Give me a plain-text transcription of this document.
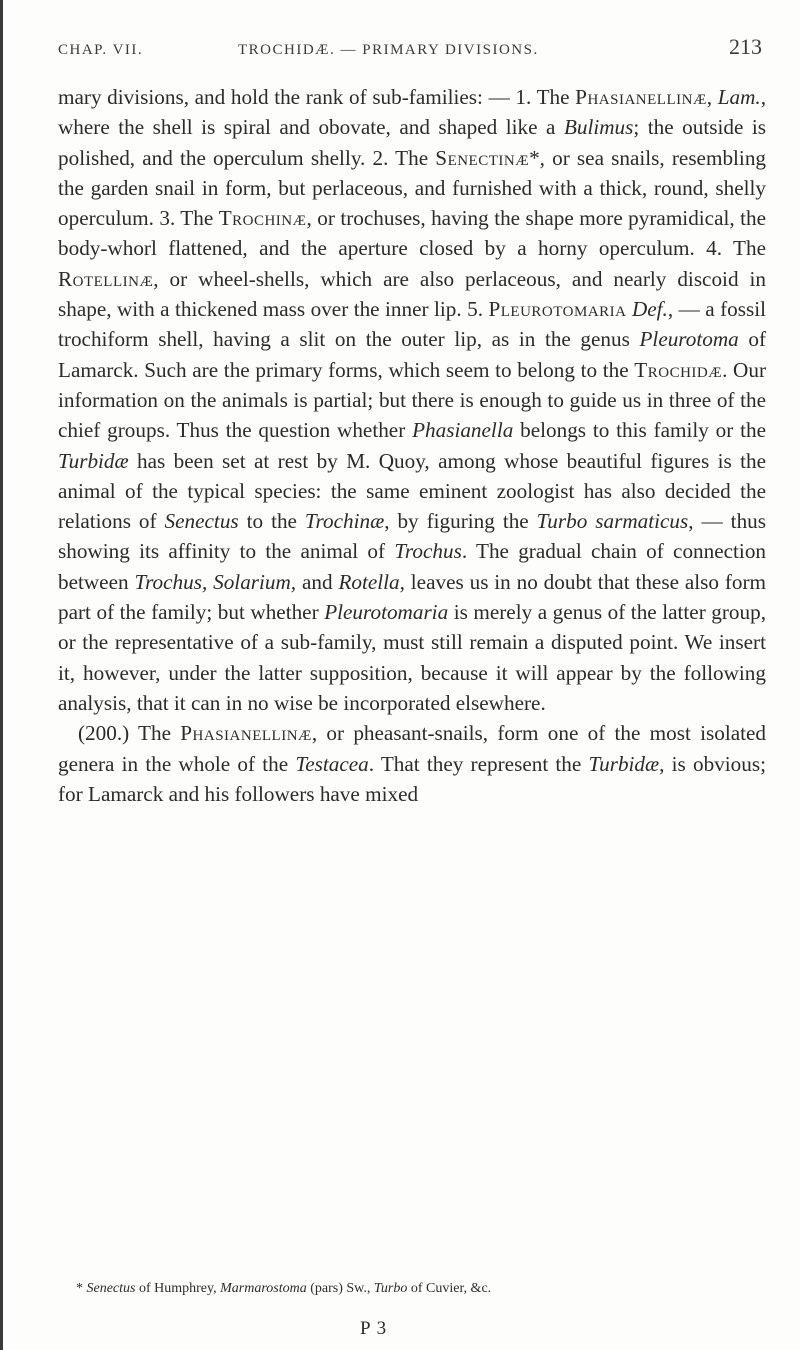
CHAP. VII.	TROCHIDÆ. — PRIMARY DIVISIONS.	213

mary divisions, and hold the rank of sub-families: — 1. The Phasianellinæ, Lam., where the shell is spiral and obovate, and shaped like a Bulimus; the outside is polished, and the operculum shelly. 2. The Senectinæ*, or sea snails, resembling the garden snail in form, but perlaceous, and furnished with a thick, round, shelly operculum. 3. The Trochinæ, or trochuses, having the shape more pyramidical, the body-whorl flattened, and the aperture closed by a horny operculum. 4. The Rotellinæ, or wheel-shells, which are also perlaceous, and nearly discoid in shape, with a thickened mass over the inner lip. 5. Pleurotomaria Def., — a fossil trochiform shell, having a slit on the outer lip, as in the genus Pleurotoma of Lamarck. Such are the primary forms, which seem to belong to the Trochidæ. Our information on the animals is partial; but there is enough to guide us in three of the chief groups. Thus the question whether Phasianella belongs to this family or the Turbidæ has been set at rest by M. Quoy, among whose beautiful figures is the animal of the typical species: the same eminent zoologist has also decided the relations of Senectus to the Trochinæ, by figuring the Turbo sarmaticus, — thus showing its affinity to the animal of Trochus. The gradual chain of connection between Trochus, Solarium, and Rotella, leaves us in no doubt that these also form part of the family; but whether Pleurotomaria is merely a genus of the latter group, or the representative of a sub-family, must still remain a disputed point. We insert it, however, under the latter supposition, because it will appear by the following analysis, that it can in no wise be incorporated elsewhere.

(200.) The Phasianellinæ, or pheasant-snails, form one of the most isolated genera in the whole of the Testacea. That they represent the Turbidæ, is obvious; for Lamarck and his followers have mixed

* Senectus of Humphrey, Marmarostoma (pars) Sw., Turbo of Cuvier, &c.
P 3
